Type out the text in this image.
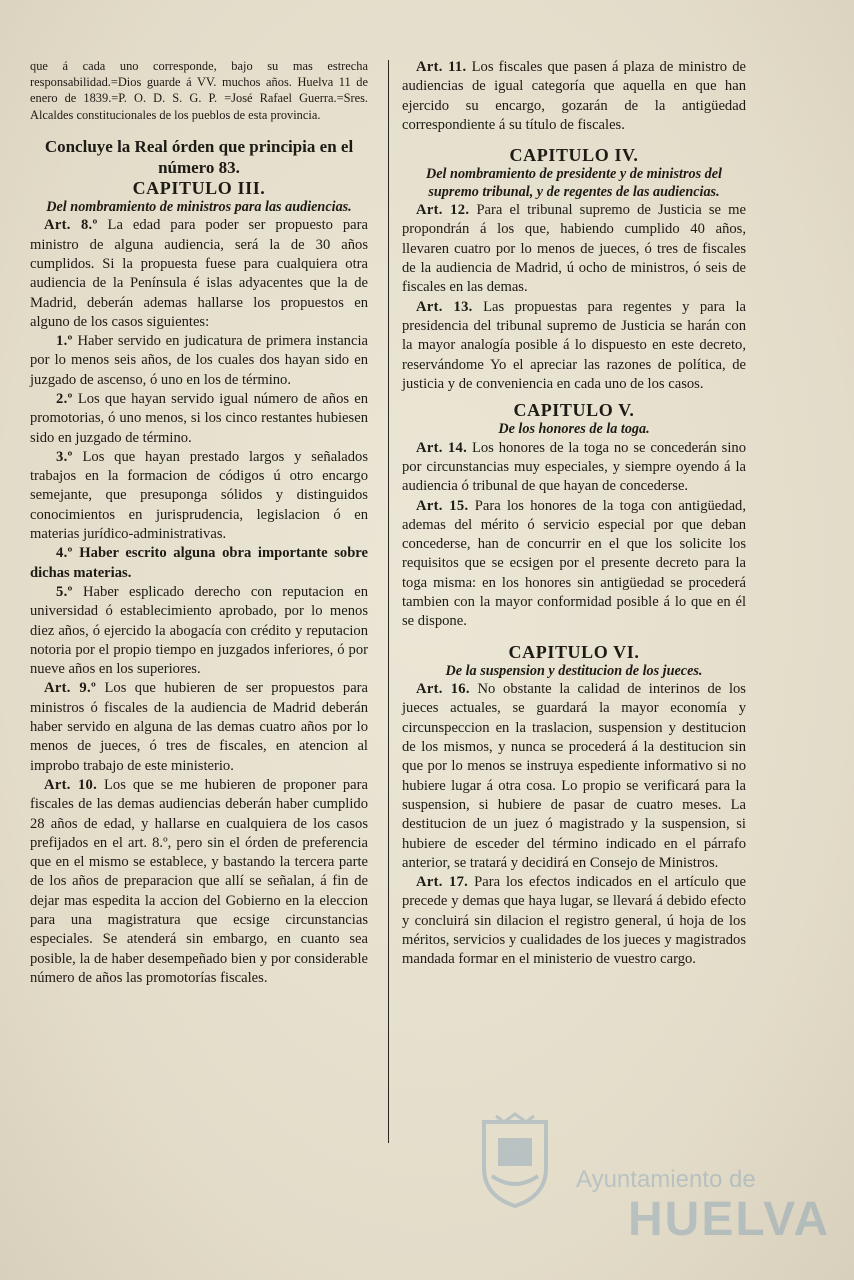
que á cada uno corresponde, bajo su mas estrecha responsabilidad.=Dios guarde á VV. muchos años. Huelva 11 de enero de 1839.=P. O. D. S. G. P. =José Rafael Guerra.=Sres. Alcaldes constitucionales de los pueblos de esta provincia.

Concluye la Real órden que principia en el número 83.

CAPITULO III.

Del nombramiento de ministros para las audiencias.

Art. 8.º La edad para poder ser propuesto para ministro de alguna audiencia, será la de 30 años cumplidos. Si la propuesta fuese para cualquiera otra audiencia de la Península é islas adyacentes que la de Madrid, deberán ademas hallarse los propuestos en alguno de los casos siguientes:

1.º Haber servido en judicatura de primera instancia por lo menos seis años, de los cuales dos hayan sido en juzgado de ascenso, ó uno en los de término.

2.º Los que hayan servido igual número de años en promotorias, ó uno menos, si los cinco restantes hubiesen sido en juzgado de término.

3.º Los que hayan prestado largos y señalados trabajos en la formacion de códigos ú otro encargo semejante, que presuponga sólidos y distinguidos conocimientos en jurisprudencia, legislacion ó en materias jurídico-administrativas.

4.º Haber escrito alguna obra importante sobre dichas materias.

5.º Haber esplicado derecho con reputacion en universidad ó establecimiento aprobado, por lo menos diez años, ó ejercido la abogacía con crédito y reputacion notoria por el propio tiempo en juzgados inferiores, ó por nueve años en los superiores.

Art. 9.º Los que hubieren de ser propuestos para ministros ó fiscales de la audiencia de Madrid deberán haber servido en alguna de las demas cuatro años por lo menos de jueces, ó tres de fiscales, en atencion al improbo trabajo de este ministerio.

Art. 10. Los que se me hubieren de proponer para fiscales de las demas audiencias deberán haber cumplido 28 años de edad, y hallarse en cualquiera de los casos prefijados en el art. 8.º, pero sin el órden de preferencia que en el mismo se establece, y bastando la tercera parte de los años de preparacion que allí se señalan, á fin de dejar mas espedita la accion del Gobierno en la eleccion para una magistratura que ecsige circunstancias especiales. Se atenderá sin embargo, en cuanto sea posible, la de haber desempeñado bien y por considerable número de años las promotorías fiscales.

Art. 11. Los fiscales que pasen á plaza de ministro de audiencias de igual categoría que aquella en que han ejercido su encargo, gozarán de la antigüedad correspondiente á su título de fiscales.

CAPITULO IV.

Del nombramiento de presidente y de ministros del supremo tribunal, y de regentes de las audiencias.

Art. 12. Para el tribunal supremo de Justicia se me propondrán á los que, habiendo cumplido 40 años, llevaren cuatro por lo menos de jueces, ó tres de fiscales de la audiencia de Madrid, ú ocho de ministros, ó seis de fiscales en las demas.

Art. 13. Las propuestas para regentes y para la presidencia del tribunal supremo de Justicia se harán con la mayor analogía posible á lo dispuesto en este decreto, reservándome Yo el apreciar las razones de política, de justicia y de conveniencia en cada uno de los casos.

CAPITULO V.

De los honores de la toga.

Art. 14. Los honores de la toga no se concederán sino por circunstancias muy especiales, y siempre oyendo á la audiencia ó tribunal de que hayan de concederse.

Art. 15. Para los honores de la toga con antigüedad, ademas del mérito ó servicio especial por que deban concederse, han de concurrir en el que los solicite los requisitos que se ecsigen por el presente decreto para la toga misma: en los honores sin antigüedad se procederá tambien con la mayor conformidad posible á lo que en él se dispone.

CAPITULO VI.

De la suspension y destitucion de los jueces.

Art. 16. No obstante la calidad de interinos de los jueces actuales, se guardará la mayor economía y circunspeccion en la traslacion, suspension y destitucion de los mismos, y nunca se procederá á la destitucion sin que por lo menos se instruya espediente informativo si no hubiere lugar á otra cosa. Lo propio se verificará para la suspension, si hubiere de pasar de cuatro meses. La destitucion de un juez ó magistrado y la suspension, si hubiere de esceder del término indicado en el párrafo anterior, se tratará y decidirá en Consejo de Ministros.

Art. 17. Para los efectos indicados en el artículo que precede y demas que haya lugar, se llevará á debido efecto y concluirá sin dilacion el registro general, ú hoja de los méritos, servicios y cualidades de los jueces y magistrados mandada formar en el ministerio de vuestro cargo.

Ayuntamiento de
HUELVA
